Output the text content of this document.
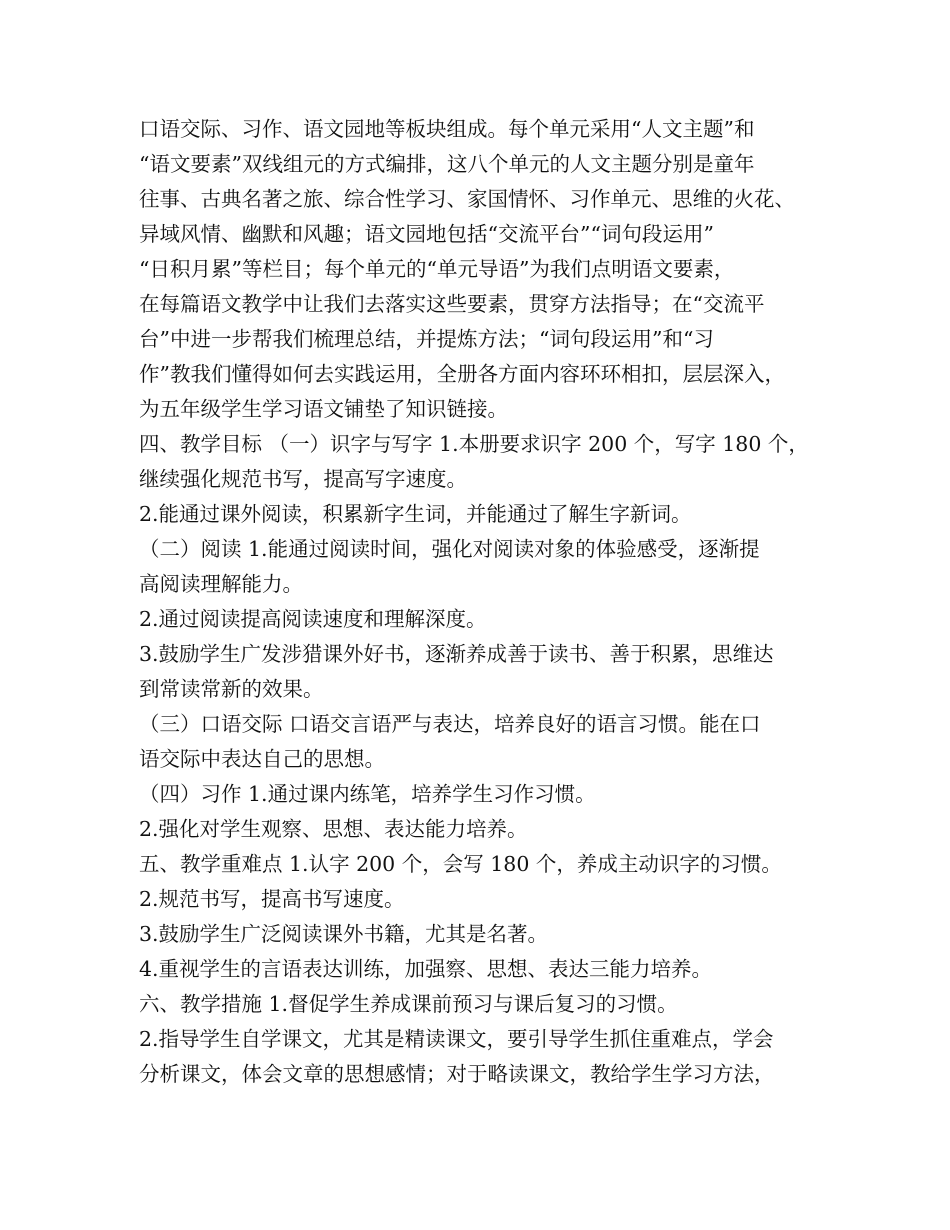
口语交际、习作、语文园地等板块组成。每个单元采用“人文主题”和
“语文要素”双线组元的方式编排，这八个单元的人文主题分别是童年
往事、古典名著之旅、综合性学习、家国情怀、习作单元、思维的火花、
异域风情、幽默和风趣；语文园地包括“交流平台”“词句段运用”
“日积月累”等栏目；每个单元的“单元导语”为我们点明语文要素，
在每篇语文教学中让我们去落实这些要素，贯穿方法指导；在“交流平
台”中进一步帮我们梳理总结，并提炼方法；“词句段运用”和“习
作”教我们懂得如何去实践运用，全册各方面内容环环相扣，层层深入，
为五年级学生学习语文铺垫了知识链接。
四、教学目标 （一）识字与写字 1.本册要求识字 200 个，写字 180 个，
继续强化规范书写，提高写字速度。
2.能通过课外阅读，积累新字生词，并能通过了解生字新词。
（二）阅读 1.能通过阅读时间，强化对阅读对象的体验感受，逐渐提
高阅读理解能力。
2.通过阅读提高阅读速度和理解深度。
3.鼓励学生广发涉猎课外好书，逐渐养成善于读书、善于积累，思维达
到常读常新的效果。
（三）口语交际 口语交言语严与表达，培养良好的语言习惯。能在口
语交际中表达自己的思想。
（四）习作 1.通过课内练笔，培养学生习作习惯。
2.强化对学生观察、思想、表达能力培养。
五、教学重难点 1.认字 200 个，会写 180 个，养成主动识字的习惯。
2.规范书写，提高书写速度。
3.鼓励学生广泛阅读课外书籍，尤其是名著。
4.重视学生的言语表达训练，加强察、思想、表达三能力培养。
六、教学措施 1.督促学生养成课前预习与课后复习的习惯。
2.指导学生自学课文，尤其是精读课文，要引导学生抓住重难点，学会
分析课文，体会文章的思想感情；对于略读课文，教给学生学习方法，
